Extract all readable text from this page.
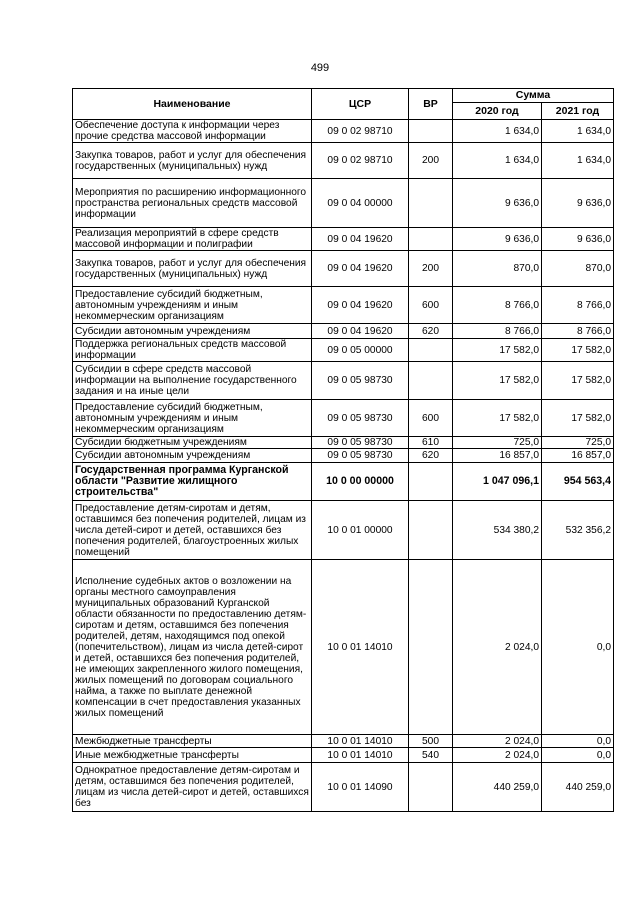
499
Наименование	ЦСР	ВР	Сумма	
			2020 год	2021 год
Обеспечение доступа к информации через прочие средства массовой информации	09 0 02 98710		1 634,0	1 634,0
Закупка товаров, работ и услуг для обеспечения государственных (муниципальных) нужд	09 0 02 98710	200	1 634,0	1 634,0
Мероприятия по расширению информационного пространства региональных средств массовой информации	09 0 04 00000		9 636,0	9 636,0
Реализация мероприятий в сфере средств массовой информации и полиграфии	09 0 04 19620		9 636,0	9 636,0
Закупка товаров, работ и услуг для обеспечения государственных (муниципальных) нужд	09 0 04 19620	200	870,0	870,0
Предоставление субсидий бюджетным, автономным учреждениям и иным некоммерческим организациям	09 0 04 19620	600	8 766,0	8 766,0
Субсидии автономным учреждениям	09 0 04 19620	620	8 766,0	8 766,0
Поддержка региональных средств массовой информации	09 0 05 00000		17 582,0	17 582,0
Субсидии в сфере средств массовой информации на выполнение государственного задания и на иные цели	09 0 05 98730		17 582,0	17 582,0
Предоставление субсидий бюджетным, автономным учреждениям и иным некоммерческим организациям	09 0 05 98730	600	17 582,0	17 582,0
Субсидии бюджетным учреждениям	09 0 05 98730	610	725,0	725,0
Субсидии автономным учреждениям	09 0 05 98730	620	16 857,0	16 857,0
Государственная программа Курганской области "Развитие жилищного строительства"	10 0 00 00000		1 047 096,1	954 563,4
Предоставление детям-сиротам и детям, оставшимся без попечения родителей, лицам из числа детей-сирот и детей, оставшихся без попечения родителей, благоустроенных жилых помещений	10 0 01 00000		534 380,2	532 356,2
Исполнение судебных актов о возложении на органы местного самоуправления муниципальных образований Курганской области обязанности по предоставлению детям-сиротам и детям, оставшимся без попечения родителей, детям, находящимся под опекой (попечительством), лицам из числа детей-сирот и детей, оставшихся без попечения родителей, не имеющих закрепленного жилого помещения, жилых помещений по договорам социального найма, а также по выплате денежной компенсации в счет предоставления указанных жилых помещений	10 0 01 14010		2 024,0	0,0
Межбюджетные трансферты	10 0 01 14010	500	2 024,0	0,0
Иные межбюджетные трансферты	10 0 01 14010	540	2 024,0	0,0
Однократное предоставление детям-сиротам и детям, оставшимся без попечения родителей, лицам из числа детей-сирот и детей, оставшихся без	10 0 01 14090		440 259,0	440 259,0
